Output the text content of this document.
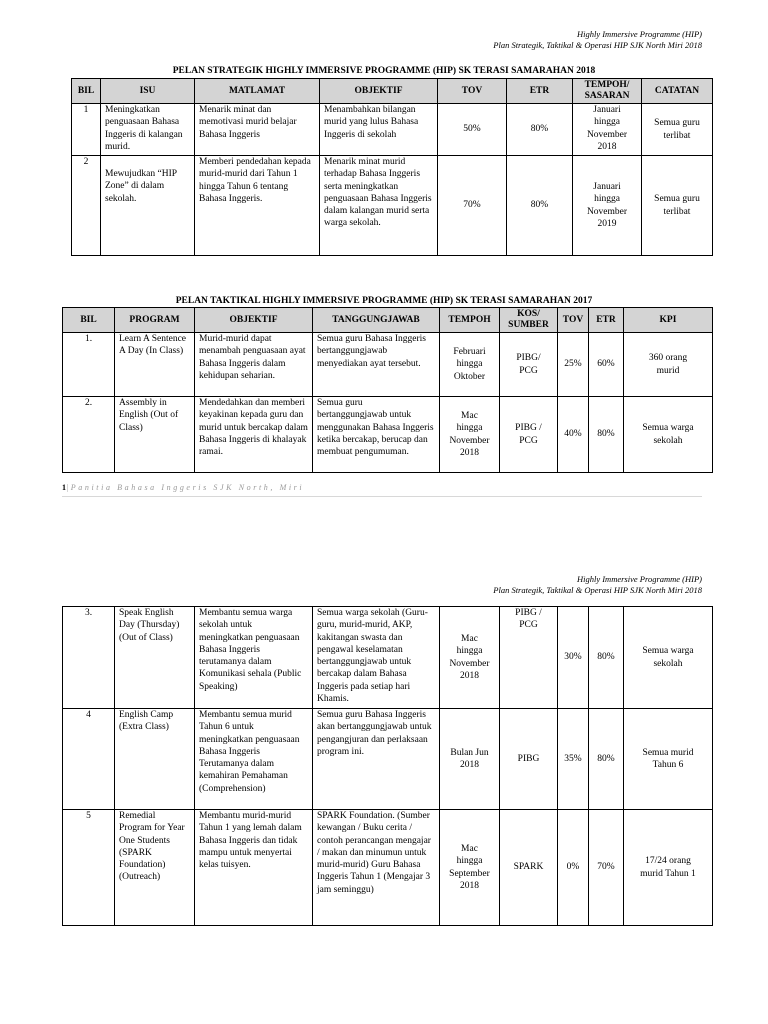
Highly Immersive Programme (HIP)
Plan Strategik, Taktikal & Operasi HIP SJK North Miri 2018
PELAN STRATEGIK HIGHLY IMMERSIVE PROGRAMME (HIP) SK TERASI SAMARAHAN 2018
BIL	ISU	MATLAMAT	OBJEKTIF	TOV	ETR	TEMPOH/
SASARAN	CATATAN
1	Meningkatkan penguasaan Bahasa Inggeris di kalangan murid.	Menarik minat dan memotivasi murid belajar Bahasa Inggeris	Menambahkan bilangan murid yang lulus Bahasa Inggeris di sekolah	50%	80%	Januari
hingga
November
2018	Semua guru
terlibat
2	Mewujudkan “HIP Zone” di dalam sekolah.	Memberi pendedahan kepada murid-murid dari Tahun 1 hingga Tahun 6 tentang Bahasa Inggeris.	Menarik minat murid terhadap Bahasa Inggeris serta meningkatkan penguasaan Bahasa Inggeris dalam kalangan murid serta warga sekolah.	70%	80%	Januari
hingga
November
2019	Semua guru
terlibat
PELAN TAKTIKAL HIGHLY IMMERSIVE PROGRAMME (HIP) SK TERASI SAMARAHAN 2017
BIL	PROGRAM	OBJEKTIF	TANGGUNGJAWAB	TEMPOH	KOS/
SUMBER	TOV	ETR	KPI
1.	Learn A Sentence A Day (In Class)	Murid-murid dapat menambah penguasaan ayat Bahasa Inggeris dalam kehidupan seharian.	Semua guru Bahasa Inggeris bertanggungjawab menyediakan ayat tersebut.	Februari
hingga
Oktober	PIBG/
PCG	25%	60%	360 orang
murid
2.	Assembly in English (Out of Class)	Mendedahkan dan memberi keyakinan kepada guru dan murid untuk bercakap dalam Bahasa Inggeris di khalayak ramai.	Semua guru bertanggungjawab untuk menggunakan Bahasa Inggeris ketika bercakap, berucap dan membuat pengumuman.	Mac
hingga
November
2018	PIBG /
PCG	40%	80%	Semua warga
sekolah
1|Panitia Bahasa Inggeris SJK North, Miri
Highly Immersive Programme (HIP)
Plan Strategik, Taktikal & Operasi HIP SJK North Miri 2018
3.	Speak English Day (Thursday) (Out of Class)	Membantu semua warga sekolah untuk meningkatkan penguasaan Bahasa Inggeris terutamanya dalam Komunikasi sehala (Public Speaking)	Semua warga sekolah (Guru-guru, murid-murid, AKP, kakitangan swasta dan pengawal keselamatan bertanggungjawab untuk bercakap dalam Bahasa Inggeris pada setiap hari Khamis.	Mac
hingga
November
2018	PIBG /
PCG	30%	80%	Semua warga
sekolah
4	English Camp (Extra Class)	Membantu semua murid Tahun 6 untuk meningkatkan penguasaan Bahasa Inggeris Terutamanya dalam kemahiran Pemahaman (Comprehension)	Semua guru Bahasa Inggeris akan bertanggungjawab untuk pengangjuran dan perlaksaan program ini.	Bulan Jun
2018	PIBG	35%	80%	Semua murid
Tahun 6
5	Remedial Program for Year One Students (SPARK Foundation) (Outreach)	Membantu murid-murid Tahun 1 yang lemah dalam Bahasa Inggeris dan tidak mampu untuk menyertai kelas tuisyen.	SPARK Foundation. (Sumber kewangan / Buku cerita / contoh perancangan mengajar / makan dan minumun untuk murid-murid) Guru Bahasa Inggeris Tahun 1 (Mengajar 3 jam seminggu)	Mac
hingga
September
2018	SPARK	0%	70%	17/24 orang
murid Tahun 1
